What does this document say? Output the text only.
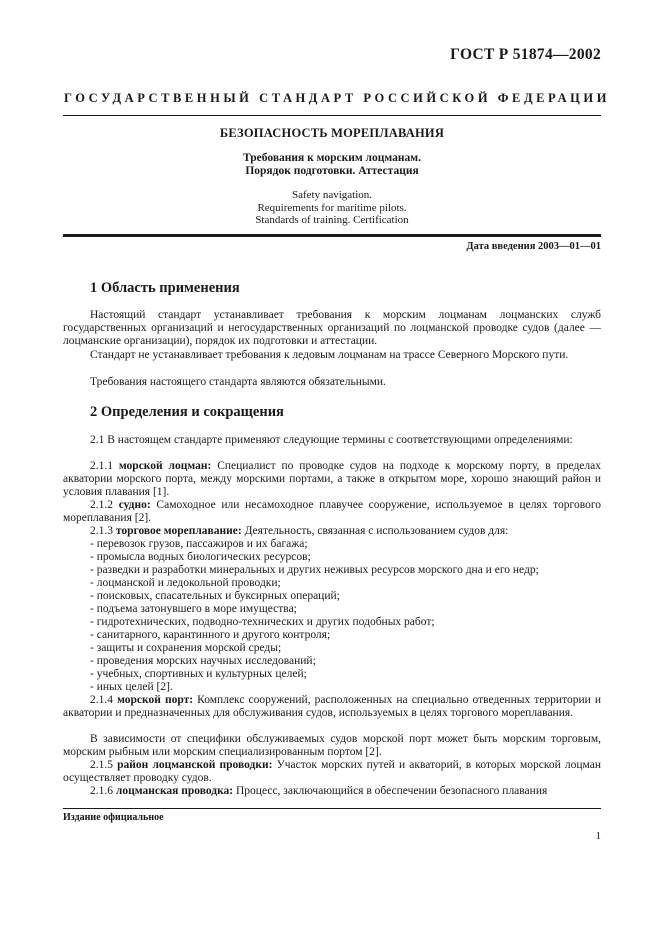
ГОСТ Р 51874—2002
ГОСУДАРСТВЕННЫЙ СТАНДАРТ РОССИЙСКОЙ ФЕДЕРАЦИИ
БЕЗОПАСНОСТЬ МОРЕПЛАВАНИЯ
Требования к морским лоцманам.
Порядок подготовки. Аттестация
Safety navigation.
Requirements for maritime pilots.
Standards of training. Certification
Дата введения 2003—01—01
1 Область применения
Настоящий стандарт устанавливает требования к морским лоцманам лоцманских служб государственных организаций и негосударственных организаций по лоцманской проводке судов (далее — лоцманские организации), порядок их подготовки и аттестации.
Стандарт не устанавливает требования к ледовым лоцманам на трассе Северного Морского пути.
Требования настоящего стандарта являются обязательными.
2 Определения и сокращения
2.1 В настоящем стандарте применяют следующие термины с соответствующими определениями:
2.1.1 морской лоцман: Специалист по проводке судов на подходе к морскому порту, в пределах акватории морского порта, между морскими портами, а также в открытом море, хорошо знающий район и условия плавания [1].
2.1.2 судно: Самоходное или несамоходное плавучее сооружение, используемое в целях торгового мореплавания [2].
2.1.3 торговое мореплавание: Деятельность, связанная с использованием судов для:
- перевозок грузов, пассажиров и их багажа;
- промысла водных биологических ресурсов;
- разведки и разработки минеральных и других неживых ресурсов морского дна и его недр;
- лоцманской и ледокольной проводки;
- поисковых, спасательных и буксирных операций;
- подъема затонувшего в море имущества;
- гидротехнических, подводно-технических и других подобных работ;
- санитарного, карантинного и другого контроля;
- защиты и сохранения морской среды;
- проведения морских научных исследований;
- учебных, спортивных и культурных целей;
- иных целей [2].
2.1.4 морской порт: Комплекс сооружений, расположенных на специально отведенных территории и акватории и предназначенных для обслуживания судов, используемых в целях торгового мореплавания.
В зависимости от специфики обслуживаемых судов морской порт может быть морским торговым, морским рыбным или морским специализированным портом [2].
2.1.5 район лоцманской проводки: Участок морских путей и акваторий, в которых морской лоцман осуществляет проводку судов.
2.1.6 лоцманская проводка: Процесс, заключающийся в обеспечении безопасного плавания
Издание официальное
1
